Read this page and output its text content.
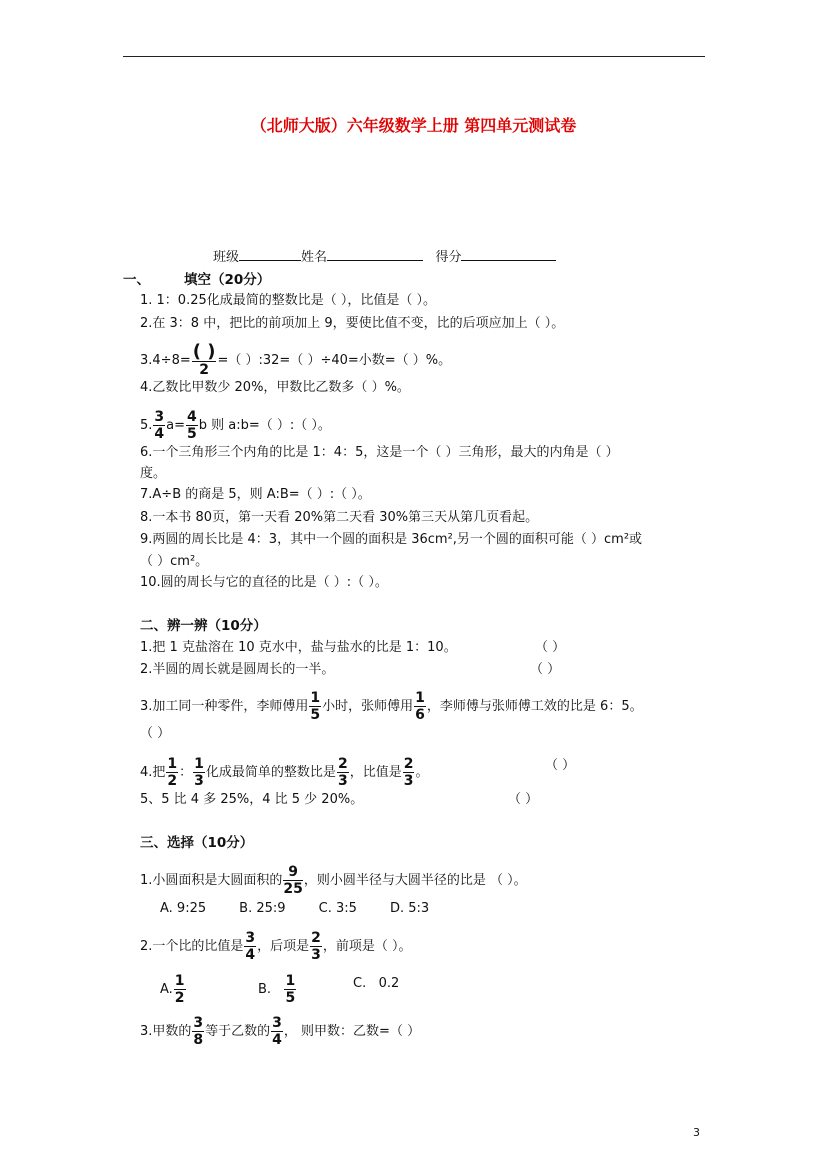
（北师大版）六年级数学上册 第四单元测试卷
班级	姓名	得分
一、	填空（20分）
1. 1：0.25化成最简的整数比是（ ），比值是（ ）。
2.在 3：8 中，把比的前项加上 9，要使比值不变，比的后项应加上（ ）。
$3.4\div 8= \frac{( )}{2}$ =（ ）:32=（ ）÷40=小数=（ ）%。
4.乙数比甲数少 20%，甲数比乙数多（ ）%。
5. $\frac{3}{4} a= \frac{4}{5}$ b 则 a:b=（ ）:（ ）。
6.一个三角形三个内角的比是 1：4：5，这是一个（ ）三角形，最大的内角是（ ）
度。
7.A÷B 的商是 5，则 A:B=（ ）:（ ）。
8.一本书 80页，第一天看 20%第二天看 30%第三天从第几页看起。
9.两圆的周长比是 4：3，其中一个圆的面积是 36cm²,另一个圆的面积可能（ ）cm²或
（ ）cm²。
10.圆的周长与它的直径的比是（ ）:（ ）。
二、辨一辨（10分）
1.把 1 克盐溶在 10 克水中，盐与盐水的比是 1：10。	（ ）
2.半圆的周长就是圆周长的一半。	（ ）
3.加工同一种零件，李师傅用 $\frac{1}{5}$ 小时，张师傅用 $\frac{1}{6}$ ，李师傅与张师傅工效的比是 6：5。
（ ）
4.把 $\frac{1}{2}$ ： $\frac{1}{3}$ 化成最简单的整数比是 $\frac{2}{3}$ ，比值是 $\frac{2}{3}$ 。	（ ）
5、5 比 4 多 25%，4 比 5 少 20%。	（ ）
三、选择（10分）
1.小圆面积是大圆面积的 $\frac{9}{25}$ ，则小圆半径与大圆半径的比是 （ ）。
A. 9:25        B. 25:9        C. 3:5        D. 5:3
2.一个比的比值是 $\frac{3}{4}$ ，后项是 $\frac{2}{3}$ ，前项是（ ）。
A. $\frac{1}{2}$	B. $\frac{1}{5}$	C.   0.2
3.甲数的 $\frac{3}{8}$ 等于乙数的 $\frac{3}{4}$ ， 则甲数：乙数=（ ）
3
